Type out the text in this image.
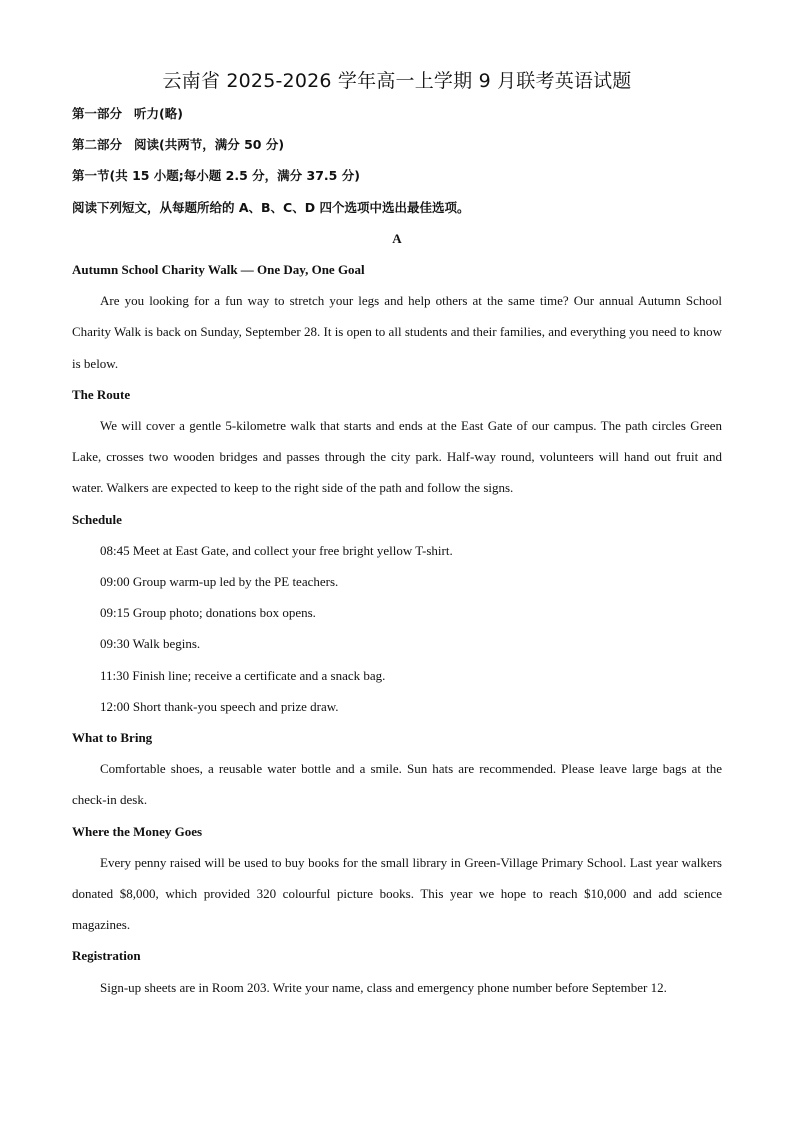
云南省 2025-2026 学年高一上学期 9 月联考英语试题
第一部分 听力(略)
第二部分 阅读(共两节，满分 50 分)
第一节(共 15 小题;每小题 2.5 分，满分 37.5 分)
阅读下列短文，从每题所给的 A、B、C、D 四个选项中选出最佳选项。
A
Autumn School Charity Walk — One Day, One Goal

Are you looking for a fun way to stretch your legs and help others at the same time? Our annual Autumn School Charity Walk is back on Sunday, September 28. It is open to all students and their families, and everything you need to know is below.

The Route

We will cover a gentle 5-kilometre walk that starts and ends at the East Gate of our campus. The path circles Green Lake, crosses two wooden bridges and passes through the city park. Half-way round, volunteers will hand out fruit and water. Walkers are expected to keep to the right side of the path and follow the signs.

Schedule

08:45 Meet at East Gate, and collect your free bright yellow T-shirt.

09:00 Group warm-up led by the PE teachers.

09:15 Group photo; donations box opens.

09:30 Walk begins.

11:30 Finish line; receive a certificate and a snack bag.

12:00 Short thank-you speech and prize draw.

What to Bring

Comfortable shoes, a reusable water bottle and a smile. Sun hats are recommended. Please leave large bags at the check-in desk.

Where the Money Goes

Every penny raised will be used to buy books for the small library in Green-Village Primary School. Last year walkers donated $8,000, which provided 320 colourful picture books. This year we hope to reach $10,000 and add science magazines.

Registration

Sign-up sheets are in Room 203. Write your name, class and emergency phone number before September 12.
